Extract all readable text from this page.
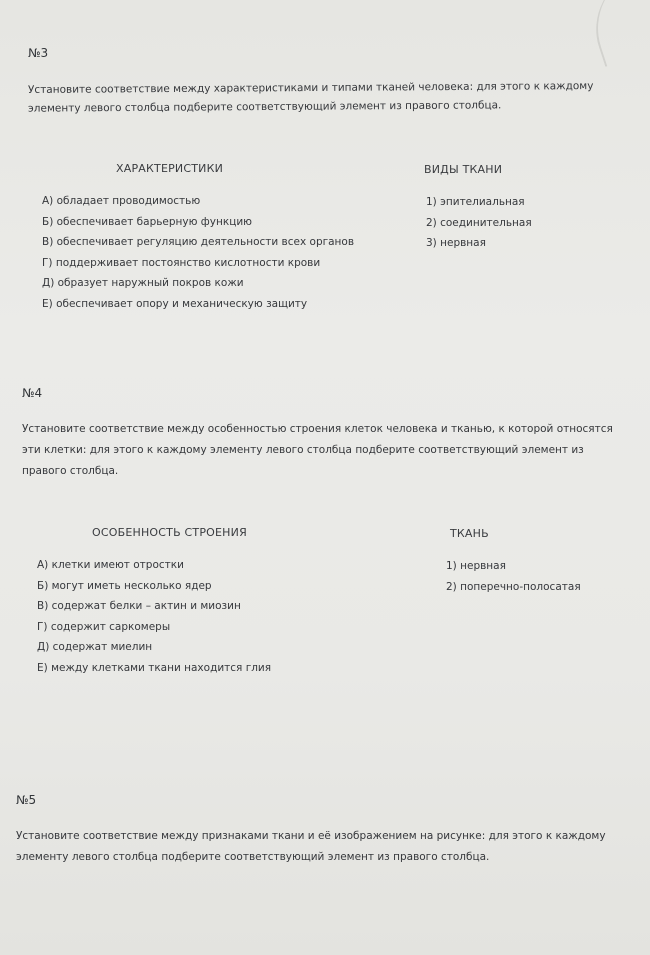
№3
Установите соответствие между характеристиками и типами тканей человека: для этого к каждому
элементу левого столбца подберите соответствующий элемент из правого столбца.
ХАРАКТЕРИСТИКИ	ВИДЫ ТКАНИ
А) обладает проводимостью
Б) обеспечивает барьерную функцию
В) обеспечивает регуляцию деятельности всех органов
Г) поддерживает постоянство кислотности крови
Д) образует наружный покров кожи
Е) обеспечивает опору и механическую защиту
1) эпителиальная
2) соединительная
3) нервная
№4
Установите соответствие между особенностью строения клеток человека и тканью, к которой относятся
эти клетки: для этого к каждому элементу левого столбца подберите соответствующий элемент из
правого столбца.
ОСОБЕННОСТЬ СТРОЕНИЯ	ТКАНЬ
А) клетки имеют отростки
Б) могут иметь несколько ядер
В) содержат белки – актин и миозин
Г) содержит саркомеры
Д) содержат миелин
Е) между клетками ткани находится глия
1) нервная
2) поперечно-полосатая
№5
Установите соответствие между признаками ткани и её изображением на рисунке: для этого к каждому
элементу левого столбца подберите соответствующий элемент из правого столбца.
